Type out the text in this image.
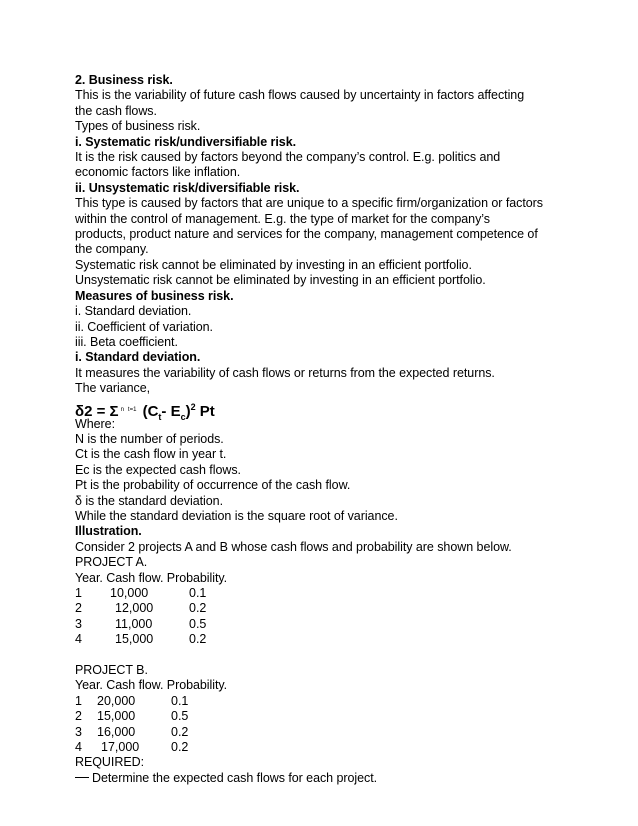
2. Business risk.
This is the variability of future cash flows caused by uncertainty in factors affecting
the cash flows.
Types of business risk.
i. Systematic risk/undiversifiable risk.
It is the risk caused by factors beyond the company’s control. E.g. politics and
economic factors like inflation.
ii. Unsystematic risk/diversifiable risk.
This type is caused by factors that are unique to a specific firm/organization or factors
within the control of management. E.g. the type of market for the company’s
products, product nature and services for the company, management competence of
the company.
Systematic risk cannot be eliminated by investing in an efficient portfolio.
Unsystematic risk cannot be eliminated by investing in an efficient portfolio.
Measures of business risk.
i. Standard deviation.
ii. Coefficient of variation.
iii. Beta coefficient.
i. Standard deviation.
It measures the variability of cash flows or returns from the expected returns.
The variance,
δ2 = Σ $^n$ $^{t=1}$ ($C_t-$ $E_c)^2$ Pt
Where:
N is the number of periods.
Ct is the cash flow in year t.
Ec is the expected cash flows.
Pt is the probability of occurrence of the cash flow.
δ is the standard deviation.
While the standard deviation is the square root of variance.
Illustration.
Consider 2 projects A and B whose cash flows and probability are shown below.
PROJECT A.
Year. Cash flow. Probability.
1 10,000	0.1
2	12,000	0.2
3	11,000	0.5
4	15,000	0.2
PROJECT B.
Year. Cash flow. Probability.
1 20,000	0.1
2 15,000	0.5
3 16,000	0.2
4 17,000	0.2
REQUIRED:
Determine the expected cash flows for each project.
